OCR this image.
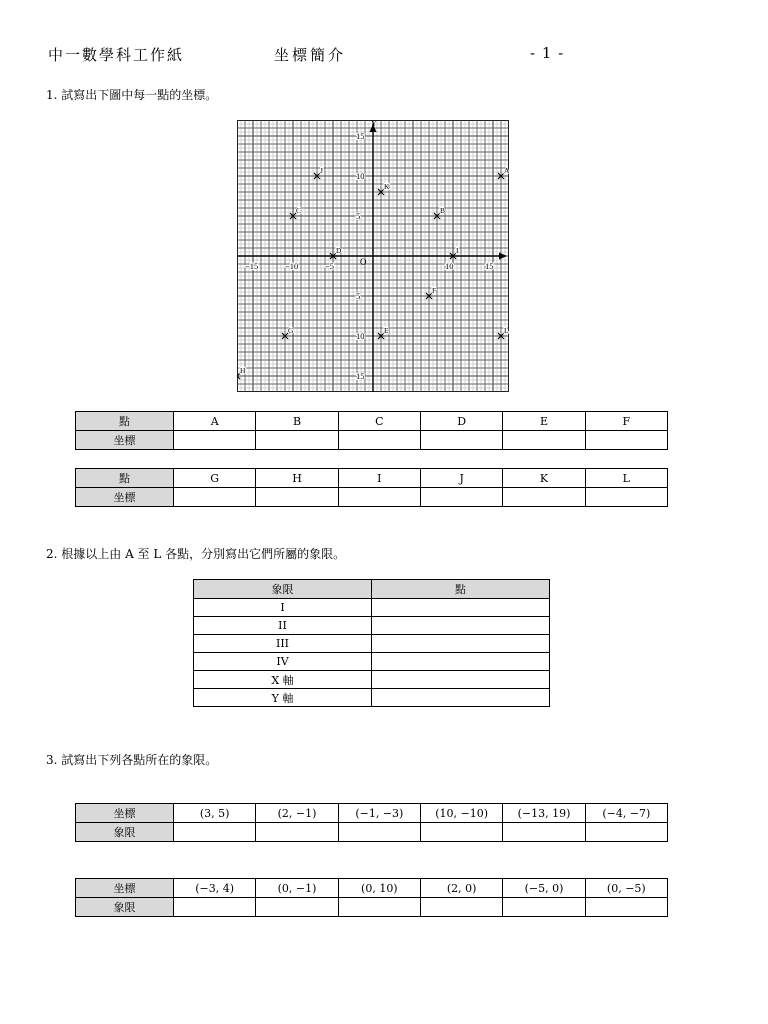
中一數學科工作紙	坐標簡介	- 1 -
1. 試寫出下圖中每一點的坐標。
Y
O
−15	−10	−5	10	15
15
10
5
5
10
15
A
B
C
D
E
F
G
H
I
J
K
L
點	A	B	C	D	E	F
坐標						
點	G	H	I	J	K	L
坐標						
2. 根據以上由 A 至 L 各點，分別寫出它們所屬的象限。
象限	點
I	
II	
III	
IV	
X 軸	
Y 軸	
3. 試寫出下列各點所在的象限。
坐標	(3, 5)	(2, −1)	(−1, −3)	(10, −10)	(−13, 19)	(−4, −7)
象限						
坐標	(−3, 4)	(0, −1)	(0, 10)	(2, 0)	(−5, 0)	(0, −5)
象限						
